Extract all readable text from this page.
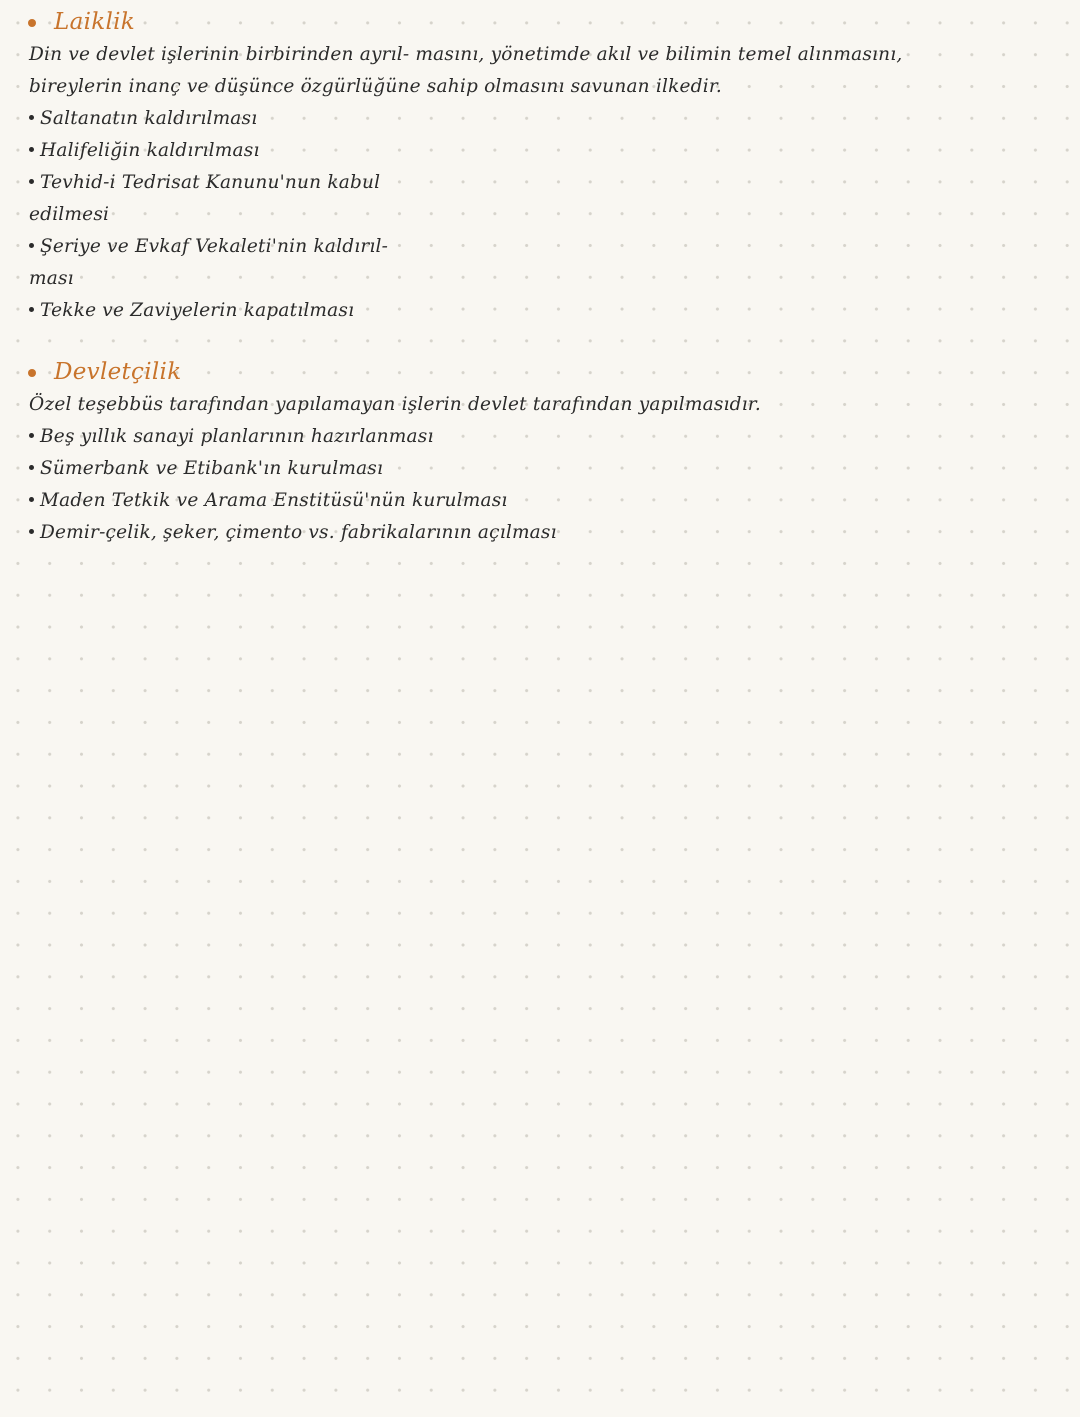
Laiklik
Din ve devlet işlerinin birbirinden ayrıl- masını, yönetimde akıl ve bilimin temel alınmasını,
bireylerin inanç ve düşünce özgürlüğüne sahip olmasını savunan ilkedir.
Saltanatın kaldırılması
Halifeliğin kaldırılması
Tevhid-i Tedrisat Kanunu'nun kabul
edilmesi
Şeriye ve Evkaf Vekaleti'nin kaldırıl-
ması
Tekke ve Zaviyelerin kapatılması
Devletçilik
Özel teşebbüs tarafından yapılamayan işlerin devlet tarafından yapılmasıdır.
Beş yıllık sanayi planlarının hazırlanması
Sümerbank ve Etibank'ın kurulması
Maden Tetkik ve Arama Enstitüsü'nün kurulması
Demir-çelik, şeker, çimento vs. fabrikalarının açılması
